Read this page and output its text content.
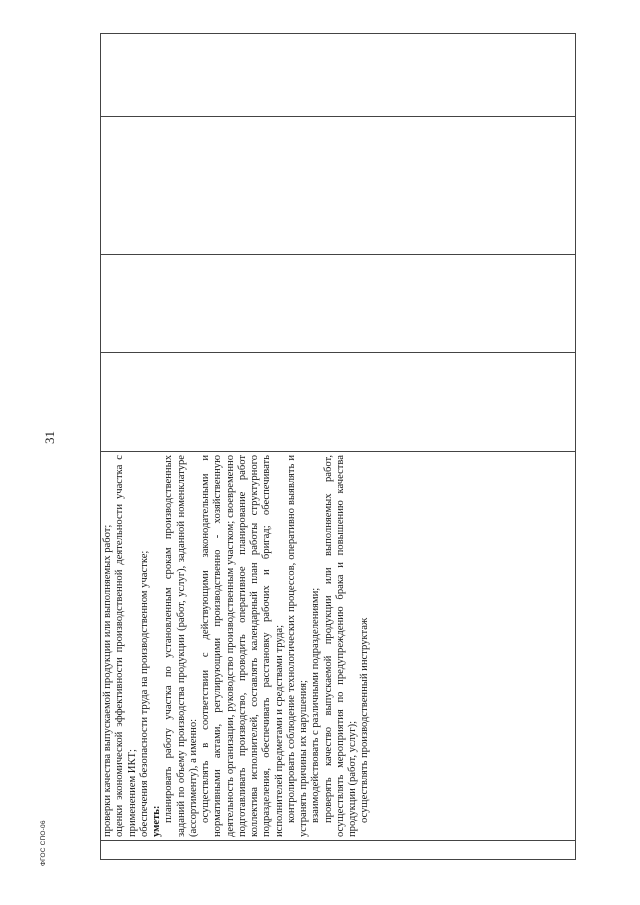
31

проверки качества выпускаемой продукции или выполняемых работ; оценки экономической эффективности производственной деятельности участка с применением ИКТ; обеспечения безопасности труда на производственном участке; уметь: планировать работу участка по установленным срокам производственных заданий по объему производства продукции (работ, услуг), заданной номенклатуре (ассортименту), а именно: осуществлять в соответствии с действующими законодательными и нормативными актами, регулирующими производственно - хозяйственную деятельность организации, руководство производственным участком; своевременно подготавливать производство, проводить оперативное планирование работ коллектива исполнителей, составлять календарный план работы структурного подразделения, обеспечивать расстановку рабочих и бригад; обеспечивать исполнителей предметами и средствами труда; контролировать соблюдение технологических процессов, оперативно выявлять и устранять причины их нарушения; взаимодействовать с различными подразделениями; проверять качество выпускаемой продукции или выполняемых работ, осуществлять мероприятия по предупреждению брака и повышению качества продукции (работ, услуг); осуществлять производственный инструктаж

ФГОС СПО-06
